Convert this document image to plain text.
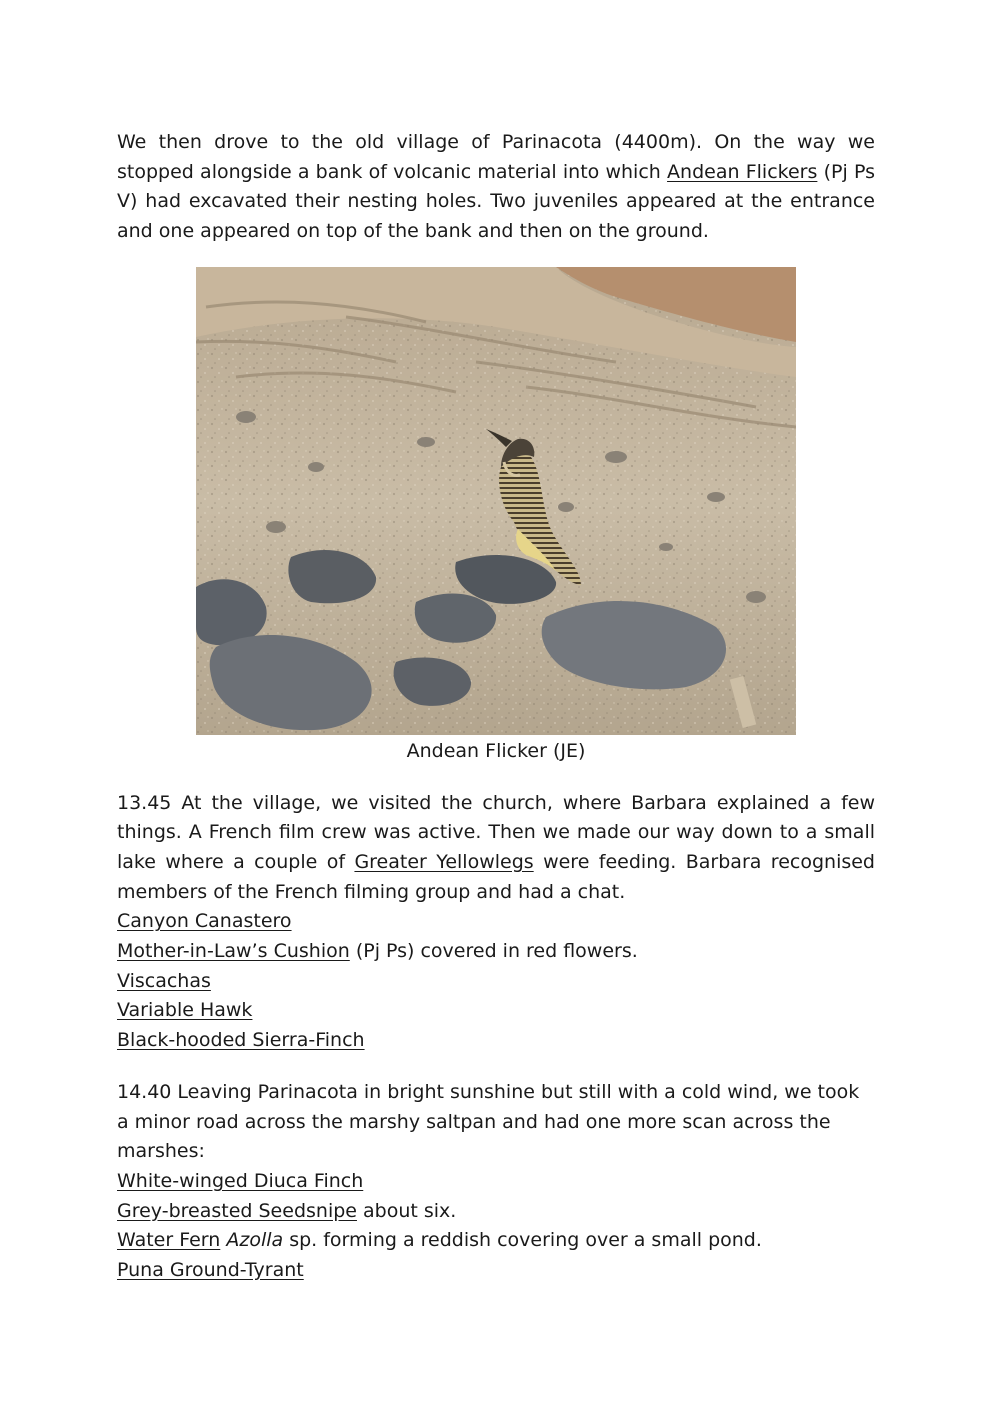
We then drove to the old village of Parinacota (4400m). On the way we stopped alongside a bank of volcanic material into which Andean Flickers (Pj Ps V) had excavated their nesting holes. Two juveniles appeared at the entrance and one appeared on top of the bank and then on the ground.

Andean Flicker (JE)

13.45 At the village, we visited the church, where Barbara explained a few things. A French film crew was active. Then we made our way down to a small lake where a couple of Greater Yellowlegs were feeding. Barbara recognised members of the French filming group and had a chat.

Canyon Canastero

Mother-in-Law’s Cushion (Pj Ps) covered in red flowers.

Viscachas

Variable Hawk

Black-hooded Sierra-Finch

14.40 Leaving Parinacota in bright sunshine but still with a cold wind, we took a minor road across the marshy saltpan and had one more scan across the marshes:

White-winged Diuca Finch

Grey-breasted Seedsnipe about six.

Water Fern Azolla sp. forming a reddish covering over a small pond.

Puna Ground-Tyrant
